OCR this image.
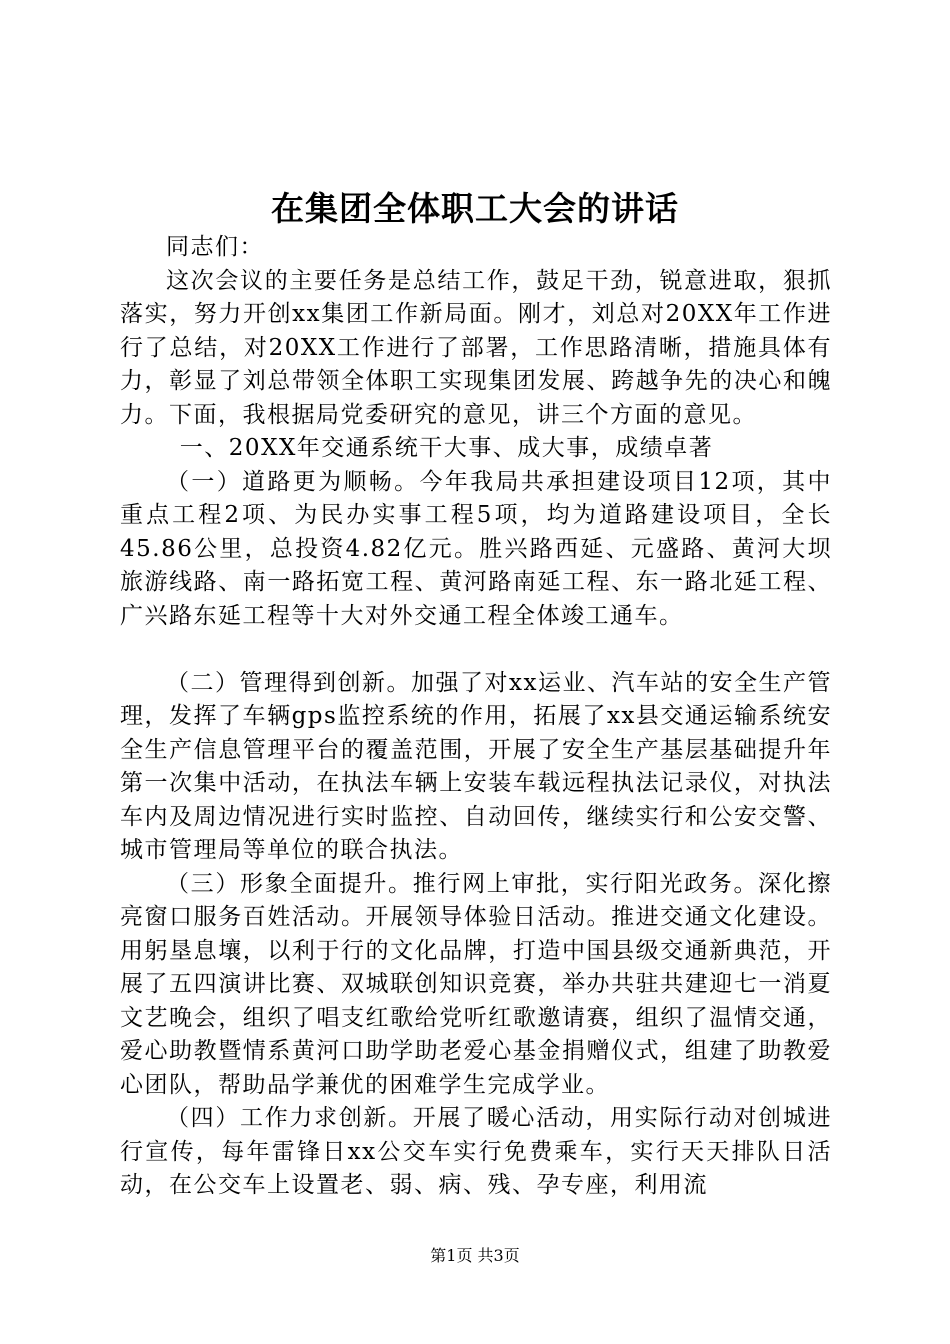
在集团全体职工大会的讲话

同志们：

这次会议的主要任务是总结工作，鼓足干劲，锐意进取，狠抓落实，努力开创xx集团工作新局面。刚才，刘总对20XX年工作进行了总结，对20XX工作进行了部署，工作思路清晰，措施具体有力，彰显了刘总带领全体职工实现集团发展、跨越争先的决心和魄力。下面，我根据局党委研究的意见，讲三个方面的意见。

一、20XX年交通系统干大事、成大事，成绩卓著

（一）道路更为顺畅。今年我局共承担建设项目12项，其中重点工程2项、为民办实事工程5项，均为道路建设项目，全长45.86公里，总投资4.82亿元。胜兴路西延、元盛路、黄河大坝旅游线路、南一路拓宽工程、黄河路南延工程、东一路北延工程、广兴路东延工程等十大对外交通工程全体竣工通车。

（二）管理得到创新。加强了对xx运业、汽车站的安全生产管理，发挥了车辆gps监控系统的作用，拓展了xx县交通运输系统安全生产信息管理平台的覆盖范围，开展了安全生产基层基础提升年第一次集中活动，在执法车辆上安装车载远程执法记录仪，对执法车内及周边情况进行实时监控、自动回传，继续实行和公安交警、城市管理局等单位的联合执法。

（三）形象全面提升。推行网上审批，实行阳光政务。深化擦亮窗口服务百姓活动。开展领导体验日活动。推进交通文化建设。用躬垦息壤，以利于行的文化品牌，打造中国县级交通新典范，开展了五四演讲比赛、双城联创知识竞赛，举办共驻共建迎七一消夏文艺晚会，组织了唱支红歌给党听红歌邀请赛，组织了温情交通，爱心助教暨情系黄河口助学助老爱心基金捐赠仪式，组建了助教爱心团队，帮助品学兼优的困难学生完成学业。

（四）工作力求创新。开展了暖心活动，用实际行动对创城进行宣传，每年雷锋日xx公交车实行免费乘车，实行天天排队日活动，在公交车上设置老、弱、病、残、孕专座，利用流

第1页 共3页
